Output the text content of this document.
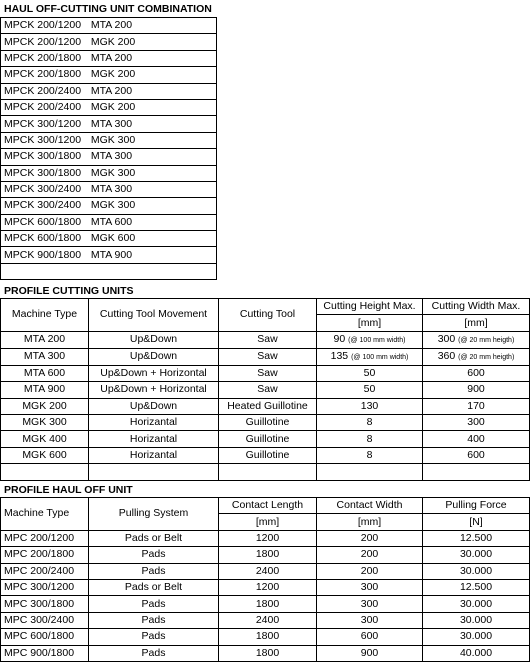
HAUL OFF-CUTTING UNIT COMBINATION
MPCK 200/1200	MTA 200
MPCK 200/1200	MGK 200
MPCK 200/1800	MTA 200
MPCK 200/1800	MGK 200
MPCK 200/2400	MTA 200
MPCK 200/2400	MGK 200
MPCK 300/1200	MTA 300
MPCK 300/1200	MGK 300
MPCK 300/1800	MTA 300
MPCK 300/1800	MGK 300
MPCK 300/2400	MTA 300
MPCK 300/2400	MGK 300
MPCK 600/1800	MTA 600
MPCK 600/1800	MGK 600
MPCK 900/1800	MTA 900

PROFILE CUTTING UNITS
Machine Type	Cutting Tool Movement	Cutting Tool	Cutting Height Max.	Cutting Width Max.
			[mm]	[mm]
MTA 200	Up&Down	Saw	90 (@ 100 mm width)	300 (@ 20 mm heigth)
MTA 300	Up&Down	Saw	135 (@ 100 mm width)	360 (@ 20 mm heigth)
MTA 600	Up&Down + Horizontal	Saw	50	600
MTA 900	Up&Down + Horizontal	Saw	50	900
MGK 200	Up&Down	Heated Guillotine	130	170
MGK 300	Horizantal	Guillotine	8	300
MGK 400	Horizantal	Guillotine	8	400
MGK 600	Horizantal	Guillotine	8	600

PROFILE HAUL OFF UNIT
Machine Type	Pulling System	Contact Length	Contact Width	Pulling Force
		[mm]	[mm]	[N]
MPC 200/1200	Pads or Belt	1200	200	12.500
MPC 200/1800	Pads	1800	200	30.000
MPC 200/2400	Pads	2400	200	30.000
MPC 300/1200	Pads or Belt	1200	300	12.500
MPC 300/1800	Pads	1800	300	30.000
MPC 300/2400	Pads	2400	300	30.000
MPC 600/1800	Pads	1800	600	30.000
MPC 900/1800	Pads	1800	900	40.000
